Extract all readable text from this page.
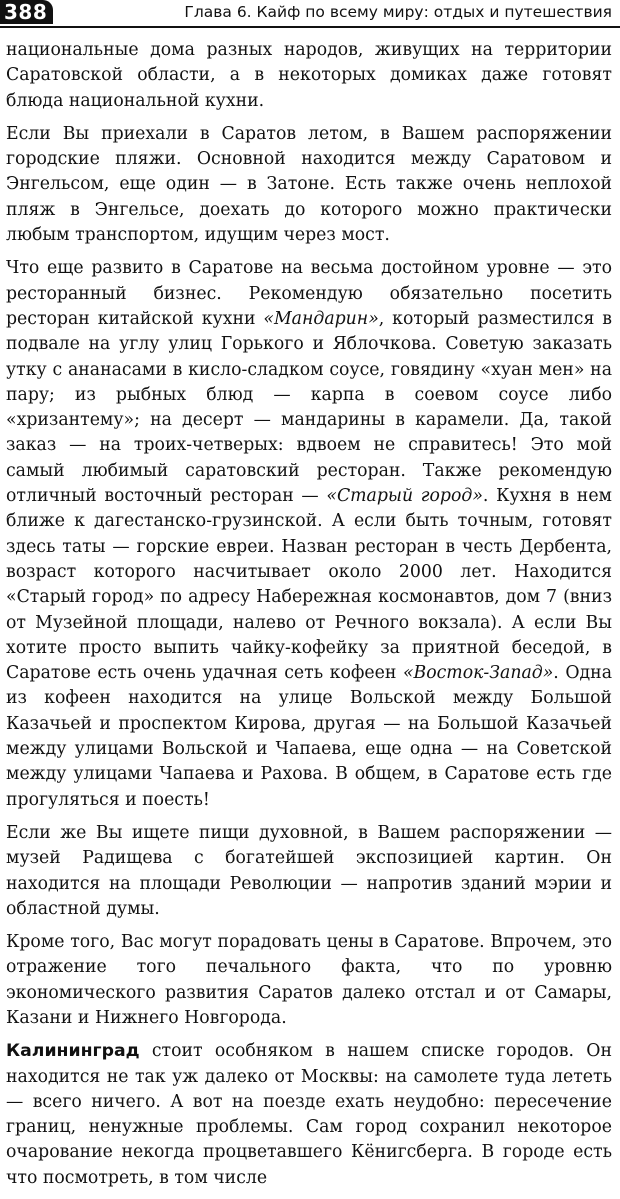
388	Глава 6. Кайф по всему миру: отдых и путешествия

национальные дома разных народов, живущих на территории Саратовской области, а в некоторых домиках даже готовят блюда национальной кухни.

Если Вы приехали в Саратов летом, в Вашем распоряжении городские пляжи. Основной находится между Саратовом и Энгельсом, еще один — в Затоне. Есть также очень неплохой пляж в Энгельсе, доехать до которого можно практически любым транспортом, идущим через мост.

Что еще развито в Саратове на весьма достойном уровне — это ресторанный бизнес. Рекомендую обязательно посетить ресторан китайской кухни «Мандарин», который разместился в подвале на углу улиц Горького и Яблочкова. Советую заказать утку с ананасами в кисло-сладком соусе, говядину «хуан мен» на пару; из рыбных блюд — карпа в соевом соусе либо «хризантему»; на десерт — мандарины в карамели. Да, такой заказ — на троих-четверых: вдвоем не справитесь! Это мой самый любимый саратовский ресторан. Также рекомендую отличный восточный ресторан — «Старый город». Кухня в нем ближе к дагестанско-грузинской. А если быть точным, готовят здесь таты — горские евреи. Назван ресторан в честь Дербента, возраст которого насчитывает около 2000 лет. Находится «Старый город» по адресу Набережная космонавтов, дом 7 (вниз от Музейной площади, налево от Речного вокзала). А если Вы хотите просто выпить чайку-кофейку за приятной беседой, в Саратове есть очень удачная сеть кофеен «Восток-Запад». Одна из кофеен находится на улице Вольской между Большой Казачьей и проспектом Кирова, другая — на Большой Казачьей между улицами Вольской и Чапаева, еще одна — на Советской между улицами Чапаева и Рахова. В общем, в Саратове есть где прогуляться и поесть!

Если же Вы ищете пищи духовной, в Вашем распоряжении — музей Радищева с богатейшей экспозицией картин. Он находится на площади Революции — напротив зданий мэрии и областной думы.

Кроме того, Вас могут порадовать цены в Саратове. Впрочем, это отражение того печального факта, что по уровню экономического развития Саратов далеко отстал и от Самары, Казани и Нижнего Новгорода.

Калининград стоит особняком в нашем списке городов. Он находится не так уж далеко от Москвы: на самолете туда лететь — всего ничего. А вот на поезде ехать неудобно: пересечение границ, ненужные проблемы. Сам город сохранил некоторое очарование некогда процветавшего Кёнигсберга. В городе есть что посмотреть, в том числе
